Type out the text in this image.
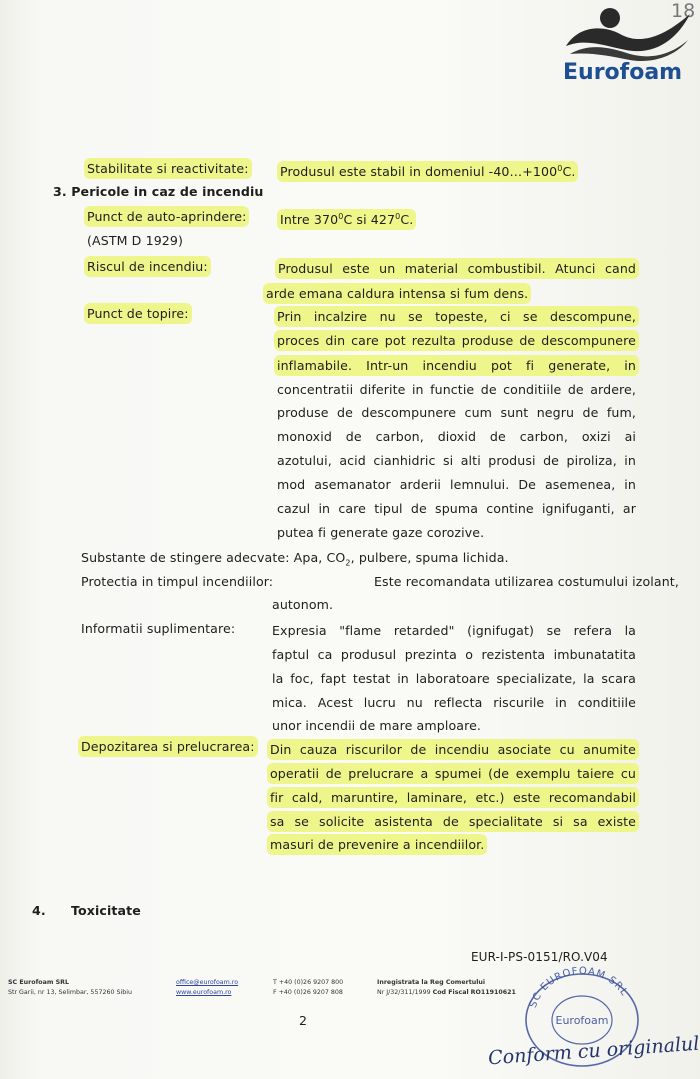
18
Eurofoam
Stabilitate si reactivitate: Produsul este stabil in domeniul $-40\dots+100^0C$.
3. Pericole in caz de incendiu
Punct de auto-aprindere:	Intre $370^0C$ si $427^0C$.
(ASTM D 1929)
Riscul de incendiu:	Produsul este un material combustibil. Atunci cand
arde emana caldura intensa si fum dens.
Punct de topire:	Prin incalzire nu se topeste, ci se descompune,
proces din care pot rezulta produse de descompunere
inflamabile. Intr-un incendiu pot fi generate, in
concentratii diferite in functie de conditiile de ardere,
produse de descompunere cum sunt negru de fum,
monoxid de carbon, dioxid de carbon, oxizi ai
azotului, acid cianhidric si alti produsi de piroliza, in
mod asemanator arderii lemnului. De asemenea, in
cazul in care tipul de spuma contine ignifuganti, ar
putea fi generate gaze corozive.
Substante de stingere adecvate: Apa, $CO_2$, pulbere, spuma lichida.
Protectia in timpul incendiilor:	Este recomandata utilizarea costumului izolant,
autonom.
Informatii suplimentare:	Expresia "flame retarded" (ignifugat) se refera la
faptul ca produsul prezinta o rezistenta imbunatatita
la foc, fapt testat in laboratoare specializate, la scara
mica. Acest lucru nu reflecta riscurile in conditiile
unor incendii de mare amploare.
Depozitarea si prelucrarea: Din cauza riscurilor de incendiu asociate cu anumite
operatii de prelucrare a spumei (de exemplu taiere cu
fir cald, maruntire, laminare, etc.) este recomandabil
sa se solicite asistenta de specialitate si sa existe
masuri de prevenire a incendiilor.
4. Toxicitate
EUR-I-PS-0151/RO.V04
SC Eurofoam SRL
Str Garii, nr 13, Selimbar, 557260 Sibiu
office@eurofoam.ro
www.eurofoam.ro
T +40 (0)26 9207 800
F +40 (0)26 9207 808
Inregistrata la Reg Comertului
Nr J/32/311/1999 Cod Fiscal RO11910621
2
SC EUROFOAM SRL
Eurofoam
Conform cu originalul
